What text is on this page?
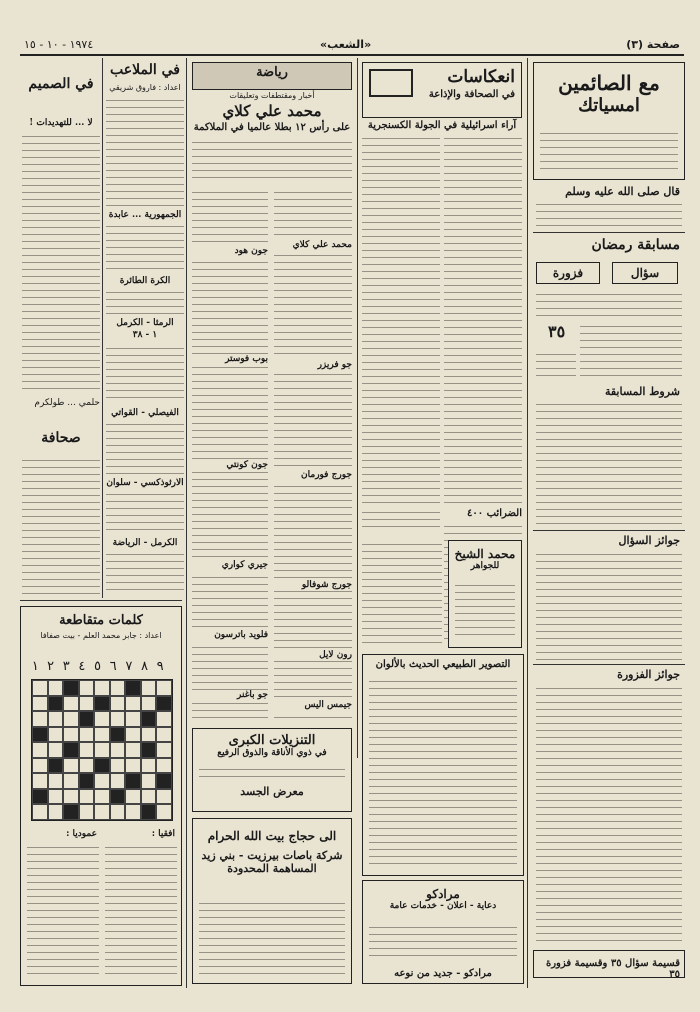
صفحة (٣)
«الشعب»
١٩٧٤ - ١٠ - ١٥
مع الصائمين
امسياتك
قال صلى الله عليه وسلم
مسابقة رمضان
فزورة	سؤال
٣٥
شروط المسابقة
جوائز السؤال
جوائز الفزورة
قسيمة سؤال ٣٥ وقسيمة فزورة ٣٥
انعكاسات
في الصحافة والإذاعة
آراء اسرائيلية في الجولة الكسنجرية
الضرائب ٤٠٠
محمد الشيخ
للجواهر
التصوير الطبيعي الحديث بالألوان
مرادكو
دعاية - اعلان - خدمات عامة
مرادكو - جديد من نوعه
رياضة
أخبار ومقتطفات وتعليقات
محمد علي كلاي
على رأس ١٢ بطلا عالميا في الملاكمة
محمد علي كلاي
جون هود
جو فريزر
بوب فوستر
جورج فورمان
جون كونتي
جورج شوفالو
جيري كواري
رون لايل
فلويد باترسون
جو باغنر
جيمس اليس
التنزيلات الكبرى
في ذوي الأناقة والذوق الرفيع
معرض الجسد
الى حجاج بيت الله الحرام
شركة باصات بيرزيت - بني زيد المساهمة المحدودة
في الملاعب
اعداد : فاروق شريقي
الجمهورية ... عابدة
الكرة الطائرة
الرمثا - الكرمل
١ - ٣٨
الفيصلي - القواتي
الارثوذكسي - سلوان
الكرمل - الرياضة
في الصميم
لا ... للتهديدات !
حلمي ... طولكرم
صحافة
كلمات متقاطعة
اعداد : جابر محمد العلم - بيت صفافا
٩ ٨ ٧ ٦ ٥ ٤ ٣ ٢ ١
افقيا :
عموديا :
